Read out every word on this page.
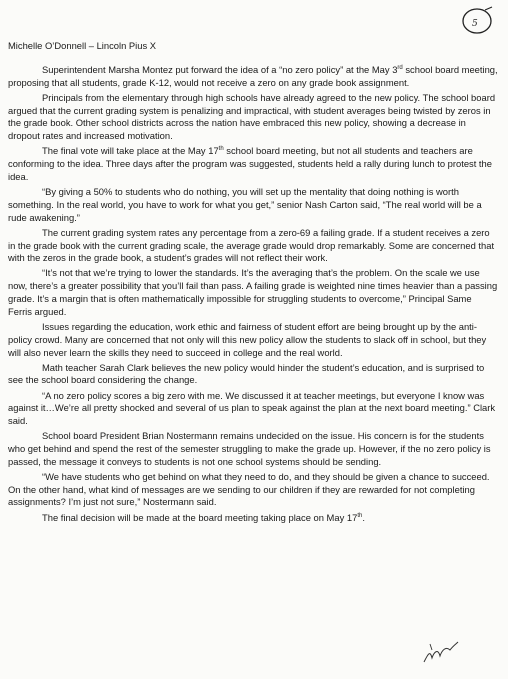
5
Michelle O’Donnell – Lincoln Pius X

Superintendent Marsha Montez put forward the idea of a “no zero policy” at the May 3rd school board meeting, proposing that all students, grade K-12, would not receive a zero on any grade book assignment.

Principals from the elementary through high schools have already agreed to the new policy. The school board argued that the current grading system is penalizing and impractical, with student averages being twisted by zeros in the grade book. Other school districts across the nation have embraced this new policy, showing a decrease in dropout rates and increased motivation.

The final vote will take place at the May 17th school board meeting, but not all students and teachers are conforming to the idea. Three days after the program was suggested, students held a rally during lunch to protest the idea.

“By giving a 50% to students who do nothing, you will set up the mentality that doing nothing is worth something. In the real world, you have to work for what you get,” senior Nash Carton said, “The real world will be a rude awakening.”

The current grading system rates any percentage from a zero-69 a failing grade. If a student receives a zero in the grade book with the current grading scale, the average grade would drop remarkably. Some are concerned that with the zeros in the grade book, a student’s grades will not reflect their work.

“It’s not that we’re trying to lower the standards. It’s the averaging that’s the problem. On the scale we use now, there’s a greater possibility that you’ll fail than pass. A failing grade is weighted nine times heavier than a passing grade. It’s a margin that is often mathematically impossible for struggling students to overcome,” Principal Same Ferris argued.

Issues regarding the education, work ethic and fairness of student effort are being brought up by the anti-policy crowd. Many are concerned that not only will this new policy allow the students to slack off in school, but they will also never learn the skills they need to succeed in college and the real world.

Math teacher Sarah Clark believes the new policy would hinder the student’s education, and is surprised to see the school board considering the change.

“A no zero policy scores a big zero with me. We discussed it at teacher meetings, but everyone I know was against it…We’re all pretty shocked and several of us plan to speak against the plan at the next board meeting.” Clark said.

School board President Brian Nostermann remains undecided on the issue. His concern is for the students who get behind and spend the rest of the semester struggling to make the grade up. However, if the no zero policy is passed, the message it conveys to students is not one school systems should be sending.

“We have students who get behind on what they need to do, and they should be given a chance to succeed. On the other hand, what kind of messages are we sending to our children if they are rewarded for not completing assignments? I’m just not sure,” Nostermann said.

The final decision will be made at the board meeting taking place on May 17th.
